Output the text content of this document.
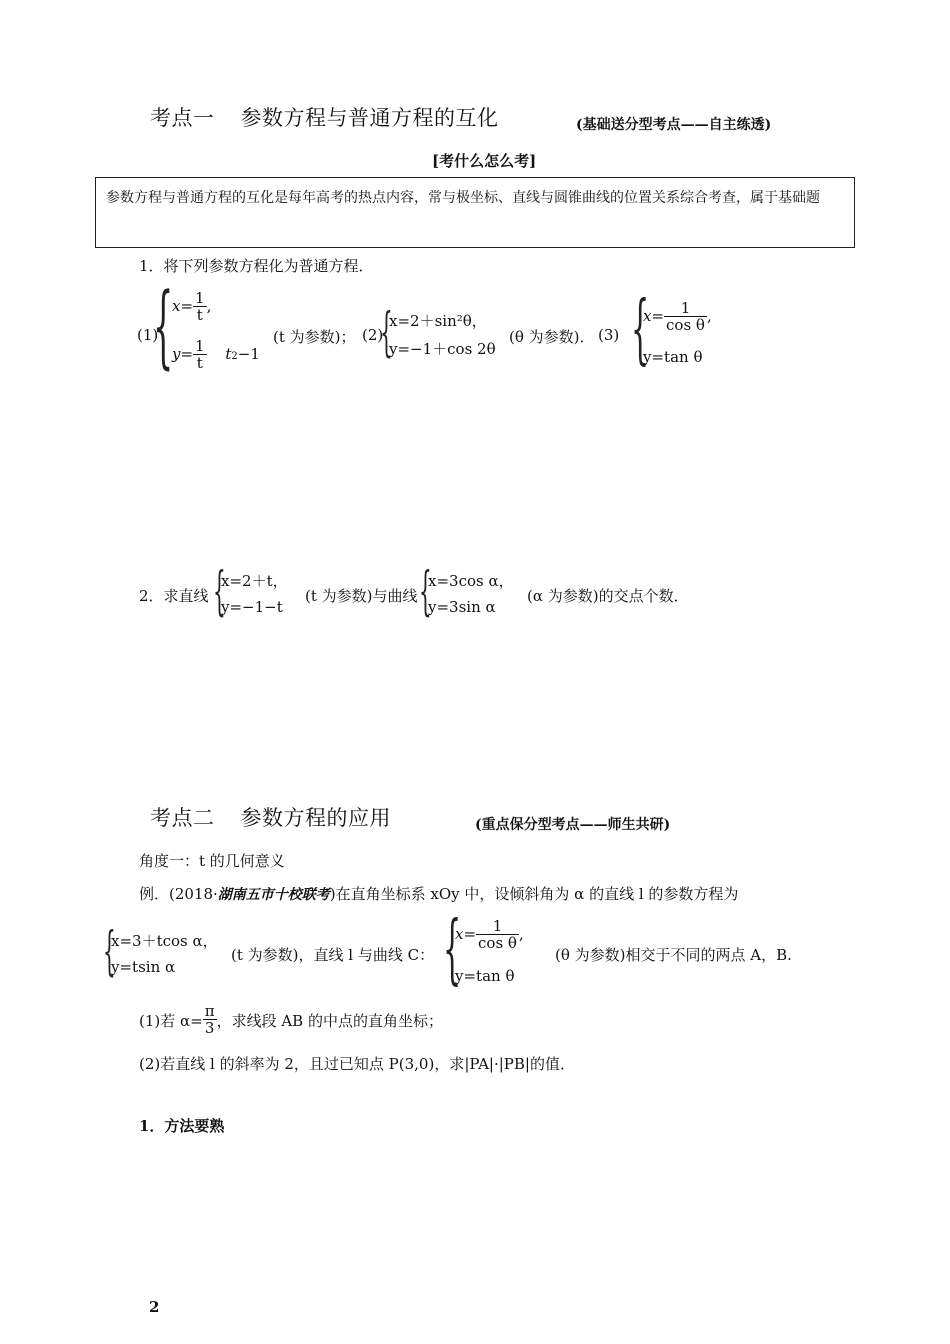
考点一 参数方程与普通方程的互化	(基础送分型考点——自主练透)
[考什么怎么考]
参数方程与普通方程的互化是每年高考的热点内容，常与极坐标、直线与圆锥曲线的位置关系综合考查，属于基础题
1．将下列参数方程化为普通方程．
(1)
{
$x= \frac{1}{t}$ ,
$y= \frac{1}{t} t2-1$
(t 为参数)； (2)
{
x=2＋sin²θ，
y=−1＋cos 2θ
(θ 为参数)． (3) {
$x= \frac{1}{\text{cos θ}}$ ,
y=tan θ
2．求直线 {
x=2＋t，
y=−1−t
(t 为参数)与曲线 {
x=3cos α，
y=3sin α
(α 为参数)的交点个数．
考点二 参数方程的应用	(重点保分型考点——师生共研)
角度一：t 的几何意义
例．(2018·湖南五市十校联考)在直角坐标系 xOy 中，设倾斜角为 α 的直线 l 的参数方程为
{
x=3＋tcos α，
y=tsin α
(t 为参数)，直线 l 与曲线 C： {
$x= \frac{1}{\text{cos θ}}$ ,
y=tan θ
(θ 为参数)相交于不同的两点 A，B.
(1)若 $\alpha= \frac{\pi}{3}$ ，求线段 AB 的中点的直角坐标；
(2)若直线 l 的斜率为 2，且过已知点 P(3,0)，求|PA|·|PB|的值．
1．方法要熟
2
